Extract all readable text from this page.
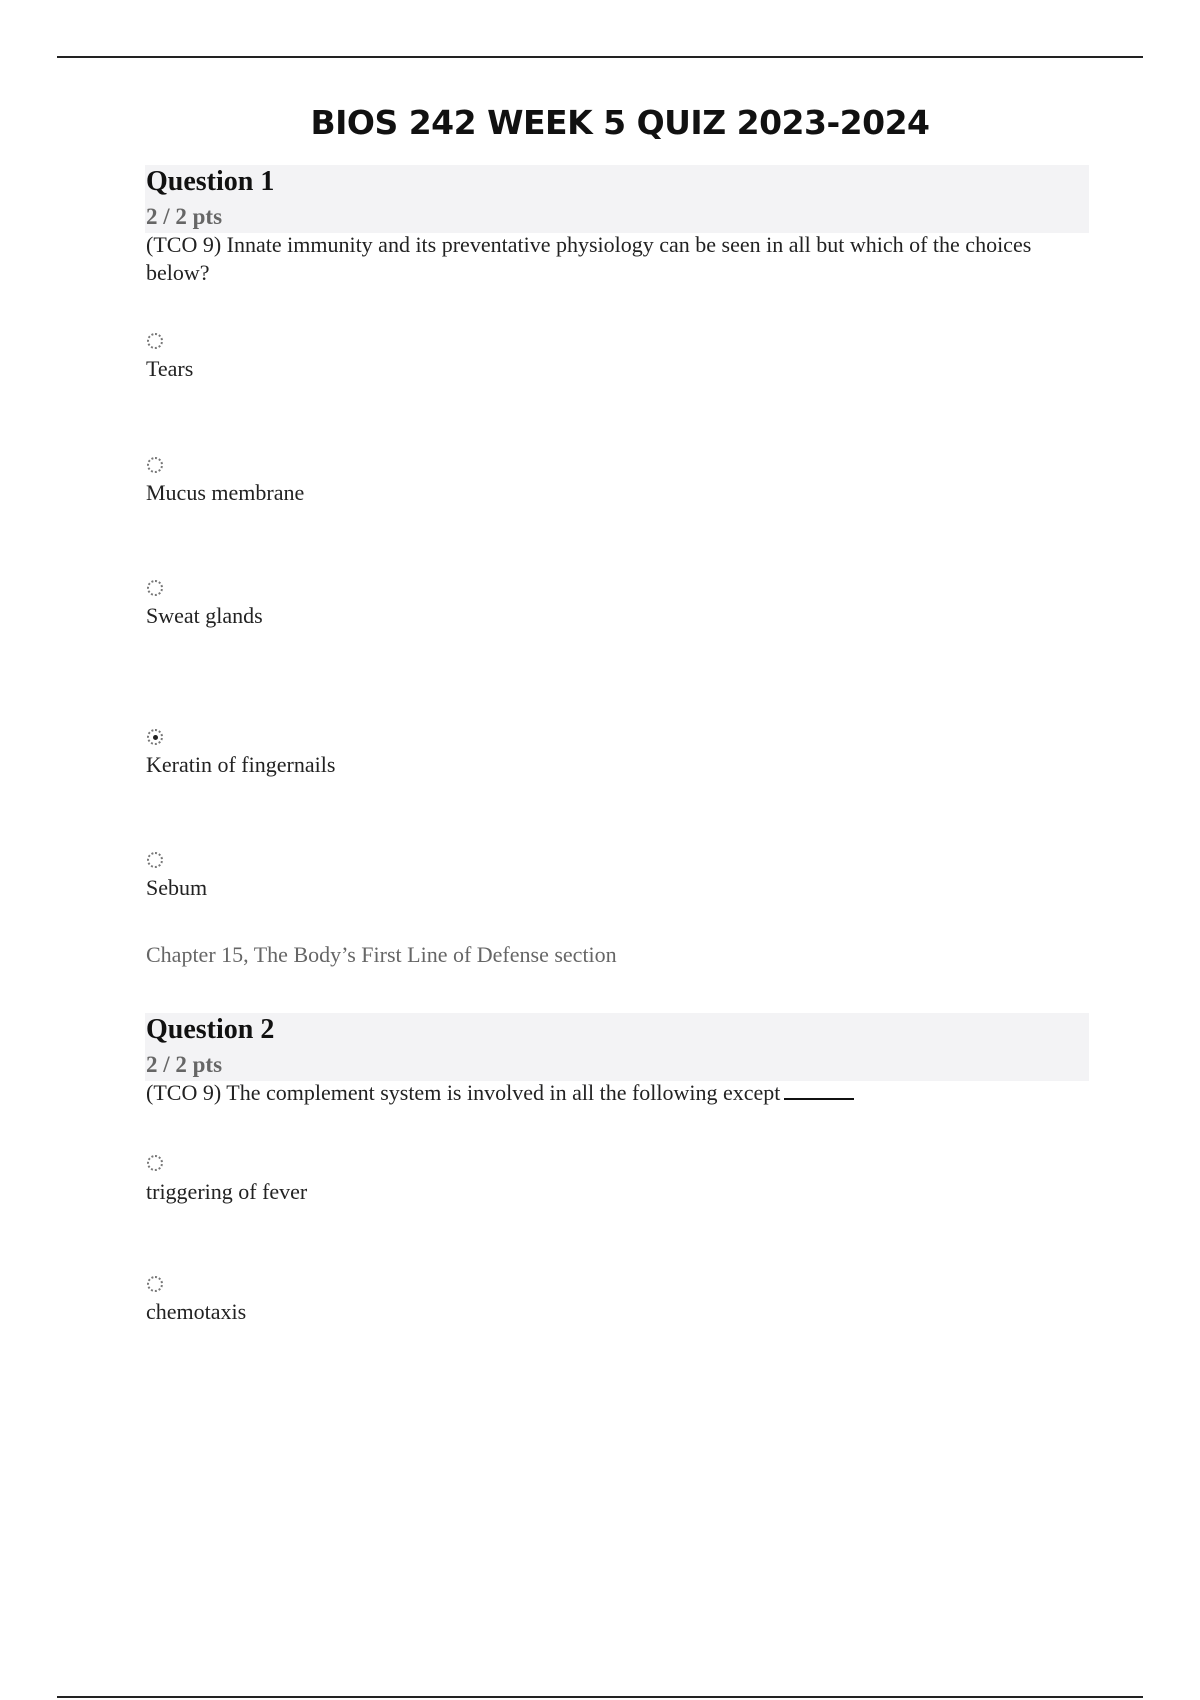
BIOS 242 WEEK 5 QUIZ 2023-2024
Question 1
2 / 2 pts
(TCO 9) Innate immunity and its preventative physiology can be seen in all but which of the choices below?
Tears
Mucus membrane
Sweat glands
Keratin of fingernails
Sebum
Chapter 15, The Body’s First Line of Defense section
Question 2
2 / 2 pts
(TCO 9) The complement system is involved in all the following except
triggering of fever
chemotaxis
